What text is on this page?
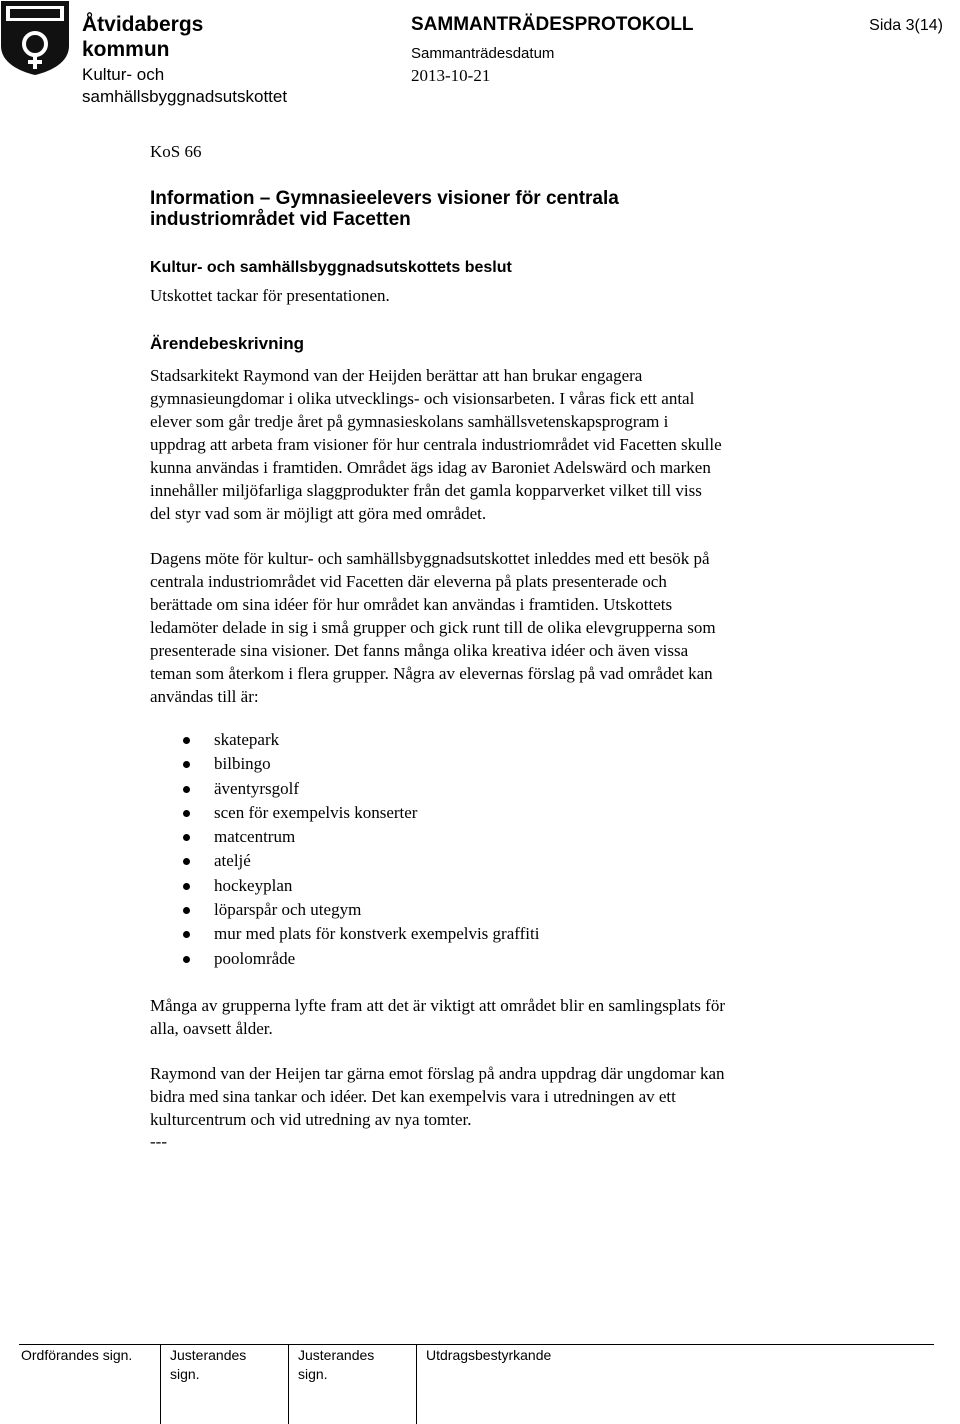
Åtvidabergs
kommun
Kultur- och
samhällsbyggnadsutskottet
SAMMANTRÄDESPROTOKOLL
Sammanträdesdatum
2013-10-21
Sida 3(14)
KoS 66
Information – Gymnasieelevers visioner för centrala
industriområdet vid Facetten
Kultur- och samhällsbyggnadsutskottets beslut
Utskottet tackar för presentationen.
Ärendebeskrivning
Stadsarkitekt Raymond van der Heijden berättar att han brukar engagera
gymnasieungdomar i olika utvecklings- och visionsarbeten. I våras fick ett antal
elever som går tredje året på gymnasieskolans samhällsvetenskapsprogram i
uppdrag att arbeta fram visioner för hur centrala industriområdet vid Facetten skulle
kunna användas i framtiden. Området ägs idag av Baroniet Adelswärd och marken
innehåller miljöfarliga slaggprodukter från det gamla kopparverket vilket till viss
del styr vad som är möjligt att göra med området.
Dagens möte för kultur- och samhällsbyggnadsutskottet inleddes med ett besök på
centrala industriområdet vid Facetten där eleverna på plats presenterade och
berättade om sina idéer för hur området kan användas i framtiden. Utskottets
ledamöter delade in sig i små grupper och gick runt till de olika elevgrupperna som
presenterade sina visioner. Det fanns många olika kreativa idéer och även vissa
teman som återkom i flera grupper. Några av elevernas förslag på vad området kan
användas till är:
skatepark
bilbingo
äventyrsgolf
scen för exempelvis konserter
matcentrum
ateljé
hockeyplan
löparspår och utegym
mur med plats för konstverk exempelvis graffiti
poolområde
Många av grupperna lyfte fram att det är viktigt att området blir en samlingsplats för
alla, oavsett ålder.
Raymond van der Heijen tar gärna emot förslag på andra uppdrag där ungdomar kan
bidra med sina tankar och idéer. Det kan exempelvis vara i utredningen av ett
kulturcentrum och vid utredning av nya tomter.
---
Ordförandes sign.	Justerandes
sign.
Justerandes
sign.
Utdragsbestyrkande
